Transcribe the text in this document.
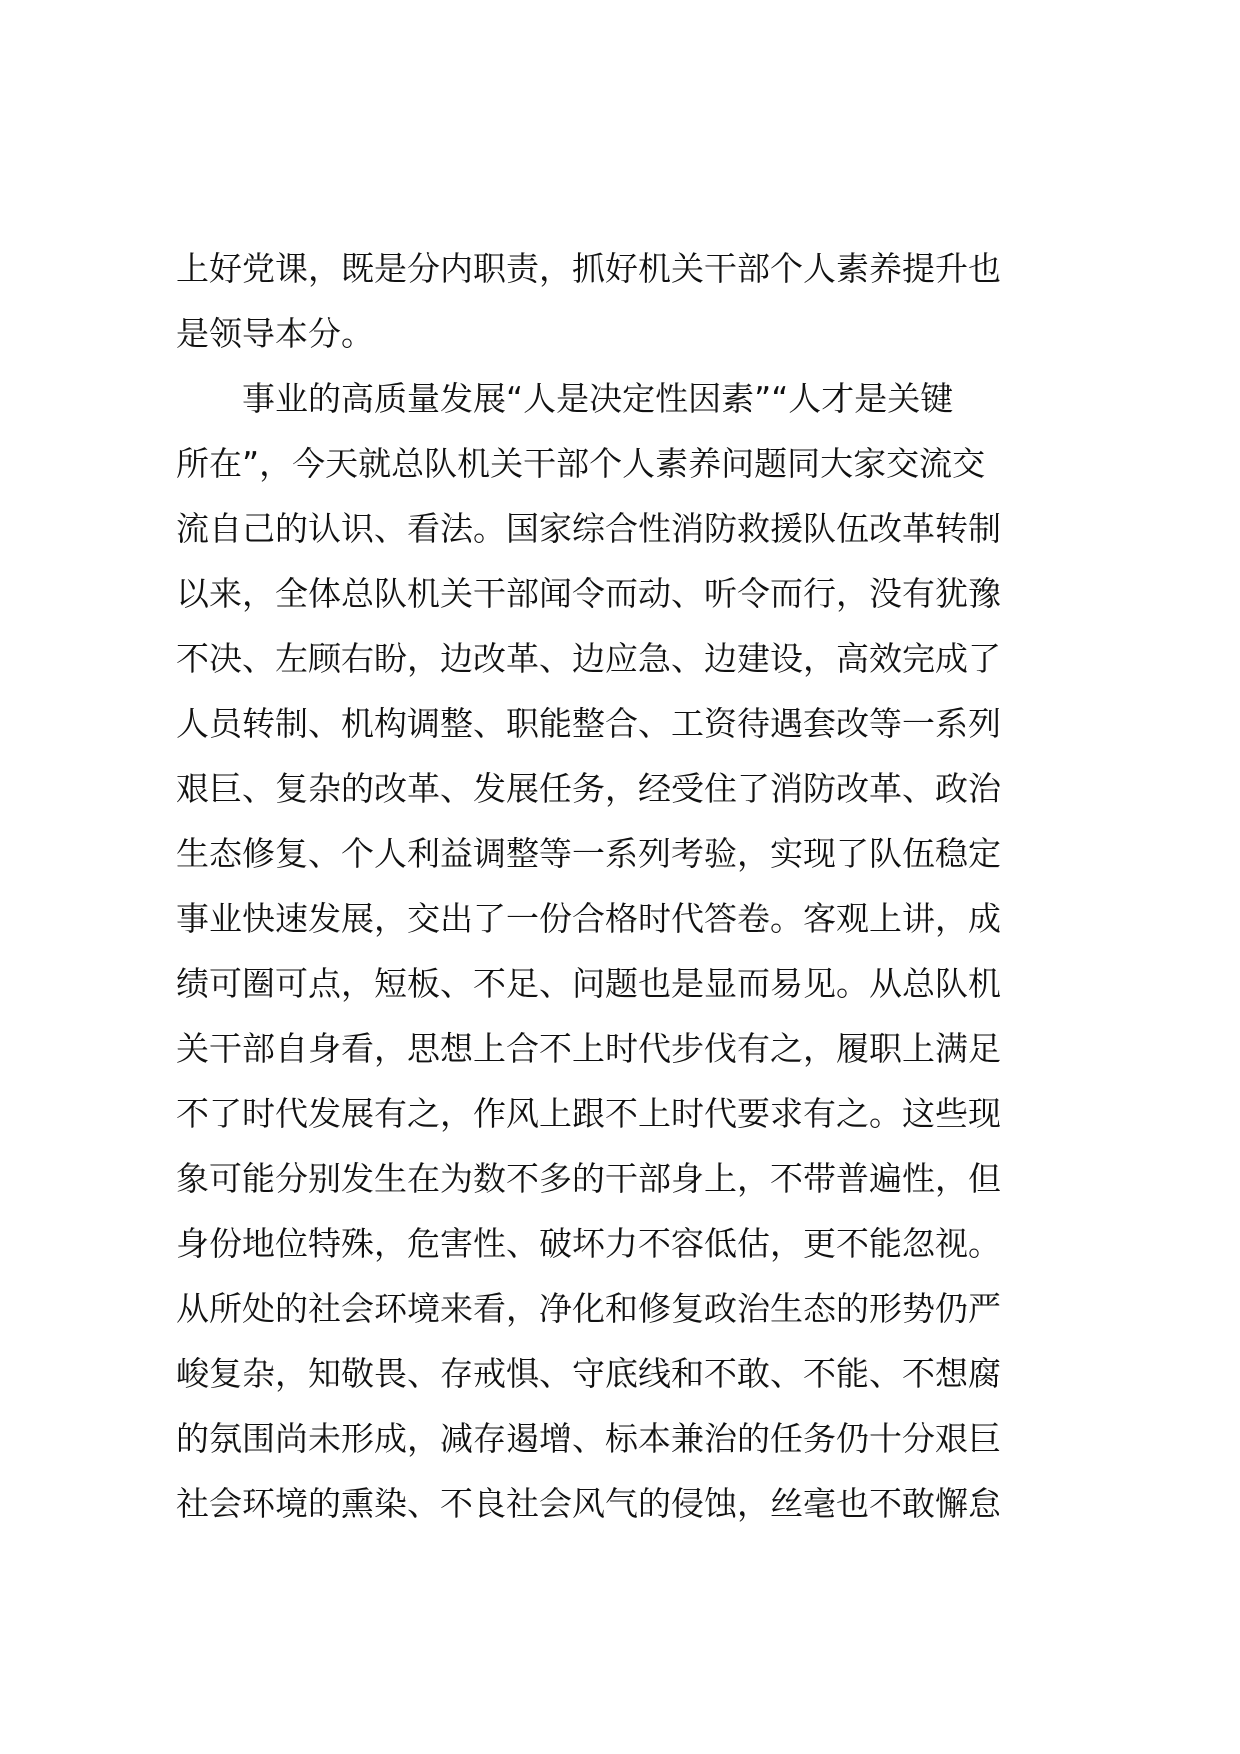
上好党课，既是分内职责，抓好机关干部个人素养提升也
是领导本分。
事业的高质量发展“人是决定性因素”“人才是关键
所在”，今天就总队机关干部个人素养问题同大家交流交
流自己的认识、看法。国家综合性消防救援队伍改革转制
以来，全体总队机关干部闻令而动、听令而行，没有犹豫
不决、左顾右盼，边改革、边应急、边建设，高效完成了
人员转制、机构调整、职能整合、工资待遇套改等一系列
艰巨、复杂的改革、发展任务，经受住了消防改革、政治
生态修复、个人利益调整等一系列考验，实现了队伍稳定
事业快速发展，交出了一份合格时代答卷。客观上讲，成
绩可圈可点，短板、不足、问题也是显而易见。从总队机
关干部自身看，思想上合不上时代步伐有之，履职上满足
不了时代发展有之，作风上跟不上时代要求有之。这些现
象可能分别发生在为数不多的干部身上，不带普遍性，但
身份地位特殊，危害性、破坏力不容低估，更不能忽视。
从所处的社会环境来看，净化和修复政治生态的形势仍严
峻复杂，知敬畏、存戒惧、守底线和不敢、不能、不想腐
的氛围尚未形成，减存遏增、标本兼治的任务仍十分艰巨
社会环境的熏染、不良社会风气的侵蚀，丝毫也不敢懈怠
